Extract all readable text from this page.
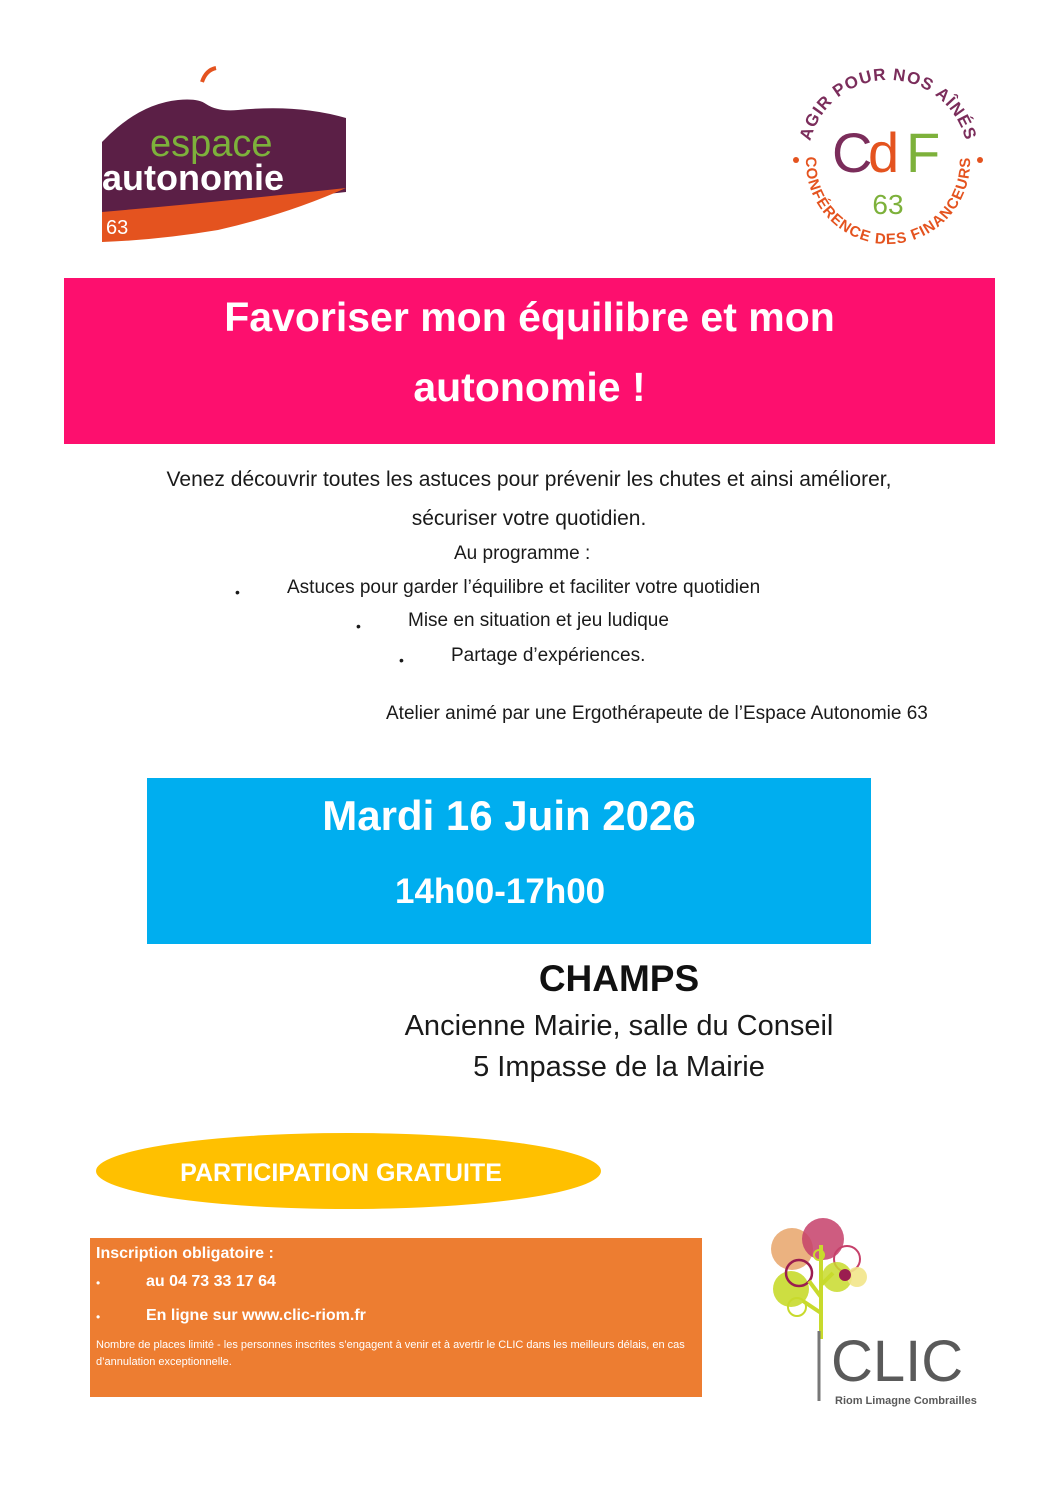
espace
autonomie
63
AGIR POUR NOS AÎNÉS
CONFÉRENCE DES FINANCEURS
C
d F
63
Favoriser mon équilibre et mon
autonomie !
Venez découvrir toutes les astuces pour prévenir les chutes et ainsi améliorer,
sécuriser votre quotidien.
Au programme :
• Astuces pour garder l’équilibre et faciliter votre quotidien
• Mise en situation et jeu ludique
• Partage d’expériences.
Atelier animé par une Ergothérapeute de l’Espace Autonomie 63
Mardi 16 Juin 2026
14h00-17h00
CHAMPS
Ancienne Mairie, salle du Conseil
5 Impasse de la Mairie
PARTICIPATION GRATUITE
Inscription obligatoire :
•	au 04 73 33 17 64
•	En ligne sur www.clic-riom.fr
Nombre de places limité - les personnes inscrites s’engagent à venir et à avertir le CLIC dans les meilleurs délais, en cas d’annulation exceptionnelle.	CLIC
Riom Limagne Combrailles
